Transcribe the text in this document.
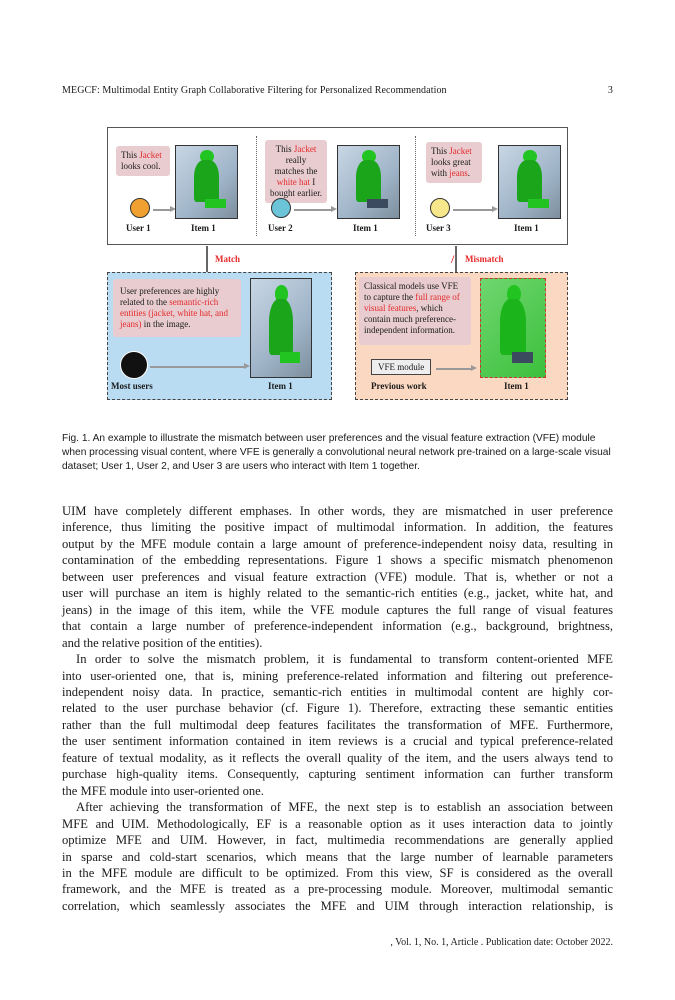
MEGCF: Multimodal Entity Graph Collaborative Filtering for Personalized Recommendation	3
This Jacket looks cool.
User 1	Item 1
This Jacket really matches the white hat I bought earlier.
User 2	Item 1
This Jacket looks great with jeans.
User 3	Item 1
Match	/ Mismatch
User preferences are highly related to the semantic-rich entities (jacket, white hat, and jeans) in the image.
Most users	Item 1
Classical models use VFE to capture the full range of visual features, which contain much preference-independent information.
VFE module
Previous work	Item 1
Fig. 1. An example to illustrate the mismatch between user preferences and the visual feature extraction (VFE) module when processing visual content, where VFE is generally a convolutional neural network pre-trained on a large-scale visual dataset; User 1, User 2, and User 3 are users who interact with Item 1 together.
UIM have completely different emphases. In other words, they are mismatched in user preference
inference, thus limiting the positive impact of multimodal information. In addition, the features
output by the MFE module contain a large amount of preference-independent noisy data, resulting in
contamination of the embedding representations. Figure 1 shows a specific mismatch phenomenon
between user preferences and visual feature extraction (VFE) module. That is, whether or not a
user will purchase an item is highly related to the semantic-rich entities (e.g., jacket, white hat, and
jeans) in the image of this item, while the VFE module captures the full range of visual features
that contain a large number of preference-independent information (e.g., background, brightness,
and the relative position of the entities).
In order to solve the mismatch problem, it is fundamental to transform content-oriented MFE
into user-oriented one, that is, mining preference-related information and filtering out preference-
independent noisy data. In practice, semantic-rich entities in multimodal content are highly cor-
related to the user purchase behavior (cf. Figure 1). Therefore, extracting these semantic entities
rather than the full multimodal deep features facilitates the transformation of MFE. Furthermore,
the user sentiment information contained in item reviews is a crucial and typical preference-related
feature of textual modality, as it reflects the overall quality of the item, and the users always tend to
purchase high-quality items. Consequently, capturing sentiment information can further transform
the MFE module into user-oriented one.
After achieving the transformation of MFE, the next step is to establish an association between
MFE and UIM. Methodologically, EF is a reasonable option as it uses interaction data to jointly
optimize MFE and UIM. However, in fact, multimedia recommendations are generally applied
in sparse and cold-start scenarios, which means that the large number of learnable parameters
in the MFE module are difficult to be optimized. From this view, SF is considered as the overall
framework, and the MFE is treated as a pre-processing module. Moreover, multimodal semantic
correlation, which seamlessly associates the MFE and UIM through interaction relationship, is
, Vol. 1, No. 1, Article . Publication date: October 2022.
